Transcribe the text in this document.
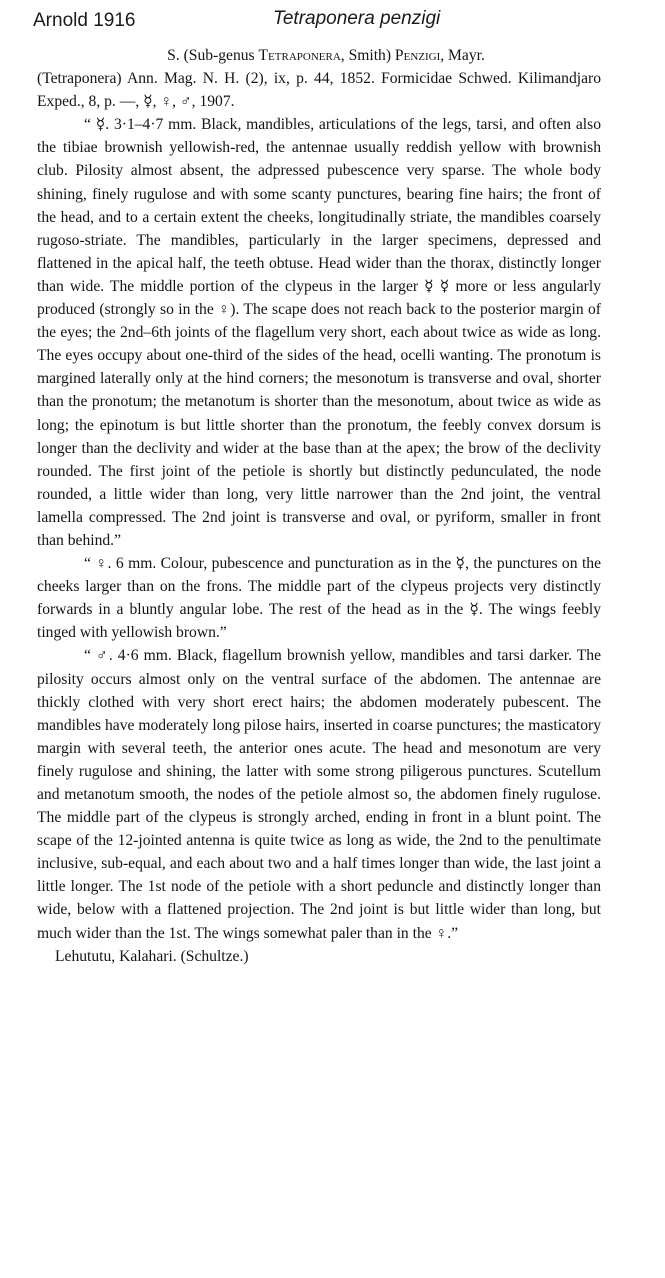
Arnold 1916	Tetraponera penzigi

S. (Sub-genus Tetraponera, Smith) Penzigi, Mayr.

(Tetraponera) Ann. Mag. N. H. (2), ix, p. 44, 1852. Formicidae Schwed. Kilimandjaro Exped., 8, p. —, ☿, ♀, ♂, 1907.

“ ☿. 3·1–4·7 mm. Black, mandibles, articulations of the legs, tarsi, and often also the tibiae brownish yellowish-red, the antennae usually reddish yellow with brownish club. Pilosity almost absent, the adpressed pubescence very sparse. The whole body shining, finely rugulose and with some scanty punctures, bearing fine hairs; the front of the head, and to a certain extent the cheeks, longitudinally striate, the mandibles coarsely rugoso-striate. The mandibles, particularly in the larger specimens, depressed and flattened in the apical half, the teeth obtuse. Head wider than the thorax, distinctly longer than wide. The middle portion of the clypeus in the larger ☿ ☿ more or less angularly produced (strongly so in the ♀). The scape does not reach back to the posterior margin of the eyes; the 2nd–6th joints of the flagellum very short, each about twice as wide as long. The eyes occupy about one-third of the sides of the head, ocelli wanting. The pronotum is margined laterally only at the hind corners; the mesonotum is transverse and oval, shorter than the pronotum; the metanotum is shorter than the mesonotum, about twice as wide as long; the epinotum is but little shorter than the pronotum, the feebly convex dorsum is longer than the declivity and wider at the base than at the apex; the brow of the declivity rounded. The first joint of the petiole is shortly but distinctly pedunculated, the node rounded, a little wider than long, very little narrower than the 2nd joint, the ventral lamella compressed. The 2nd joint is transverse and oval, or pyriform, smaller in front than behind.”

“ ♀. 6 mm. Colour, pubescence and puncturation as in the ☿, the punctures on the cheeks larger than on the frons. The middle part of the clypeus projects very distinctly forwards in a bluntly angular lobe. The rest of the head as in the ☿. The wings feebly tinged with yellowish brown.”

“ ♂. 4·6 mm. Black, flagellum brownish yellow, mandibles and tarsi darker. The pilosity occurs almost only on the ventral surface of the abdomen. The antennae are thickly clothed with very short erect hairs; the abdomen moderately pubescent. The mandibles have moderately long pilose hairs, inserted in coarse punctures; the masticatory margin with several teeth, the anterior ones acute. The head and mesonotum are very finely rugulose and shining, the latter with some strong piligerous punctures. Scutellum and metanotum smooth, the nodes of the petiole almost so, the abdomen finely rugulose. The middle part of the clypeus is strongly arched, ending in front in a blunt point. The scape of the 12-jointed antenna is quite twice as long as wide, the 2nd to the penultimate inclusive, sub-equal, and each about two and a half times longer than wide, the last joint a little longer. The 1st node of the petiole with a short peduncle and distinctly longer than wide, below with a flattened projection. The 2nd joint is but little wider than long, but much wider than the 1st. The wings somewhat paler than in the ♀.”

Lehututu, Kalahari. (Schultze.)
